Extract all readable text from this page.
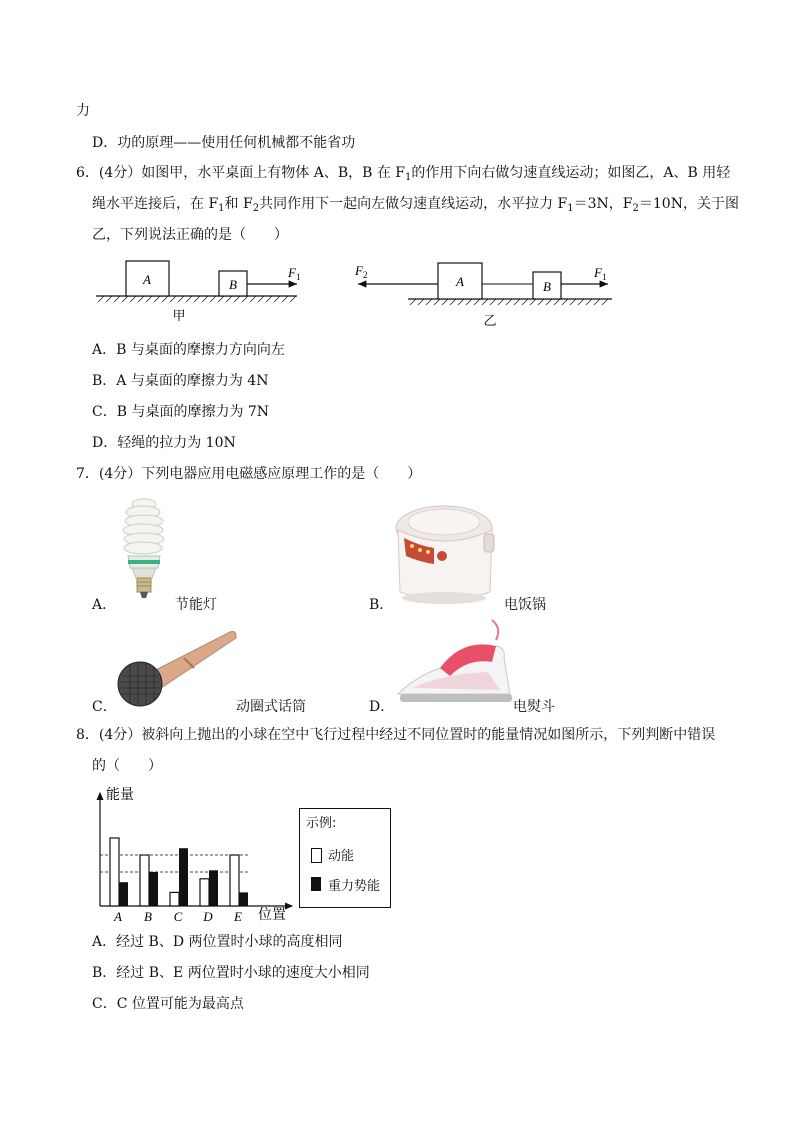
力
D．功的原理——使用任何机械都不能省功
6．(4分）如图甲，水平桌面上有物体 A、B，B 在 $F_1$的作用下向右做匀速直线运动；如图乙，A、B 用轻
绳水平连接后，在 $F_1$和 $F_2$共同作用下一起向左做匀速直线运动，水平拉力 $F_1=3N$，$F_2=10N$，关于图
乙，下列说法正确的是（　　）
A	B
$F_1$
甲
$F_2$	A	B
$F_1$
乙
A．B 与桌面的摩擦力方向向左
B．A 与桌面的摩擦力为 4N
C．B 与桌面的摩擦力为 7N
D．轻绳的拉力为 10N
7．(4分）下列电器应用电磁感应原理工作的是（　　）
A．	节能灯	B．	电饭锅
C．	动圈式话筒	D．	电熨斗
8．(4分）被斜向上抛出的小球在空中飞行过程中经过不同位置时的能量情况如图所示，下列判断中错误
的（　　）
能量
位置
A B C D E
示例:
动能
重力势能
A．经过 B、D 两位置时小球的高度相同
B．经过 B、E 两位置时小球的速度大小相同
C．C 位置可能为最高点
